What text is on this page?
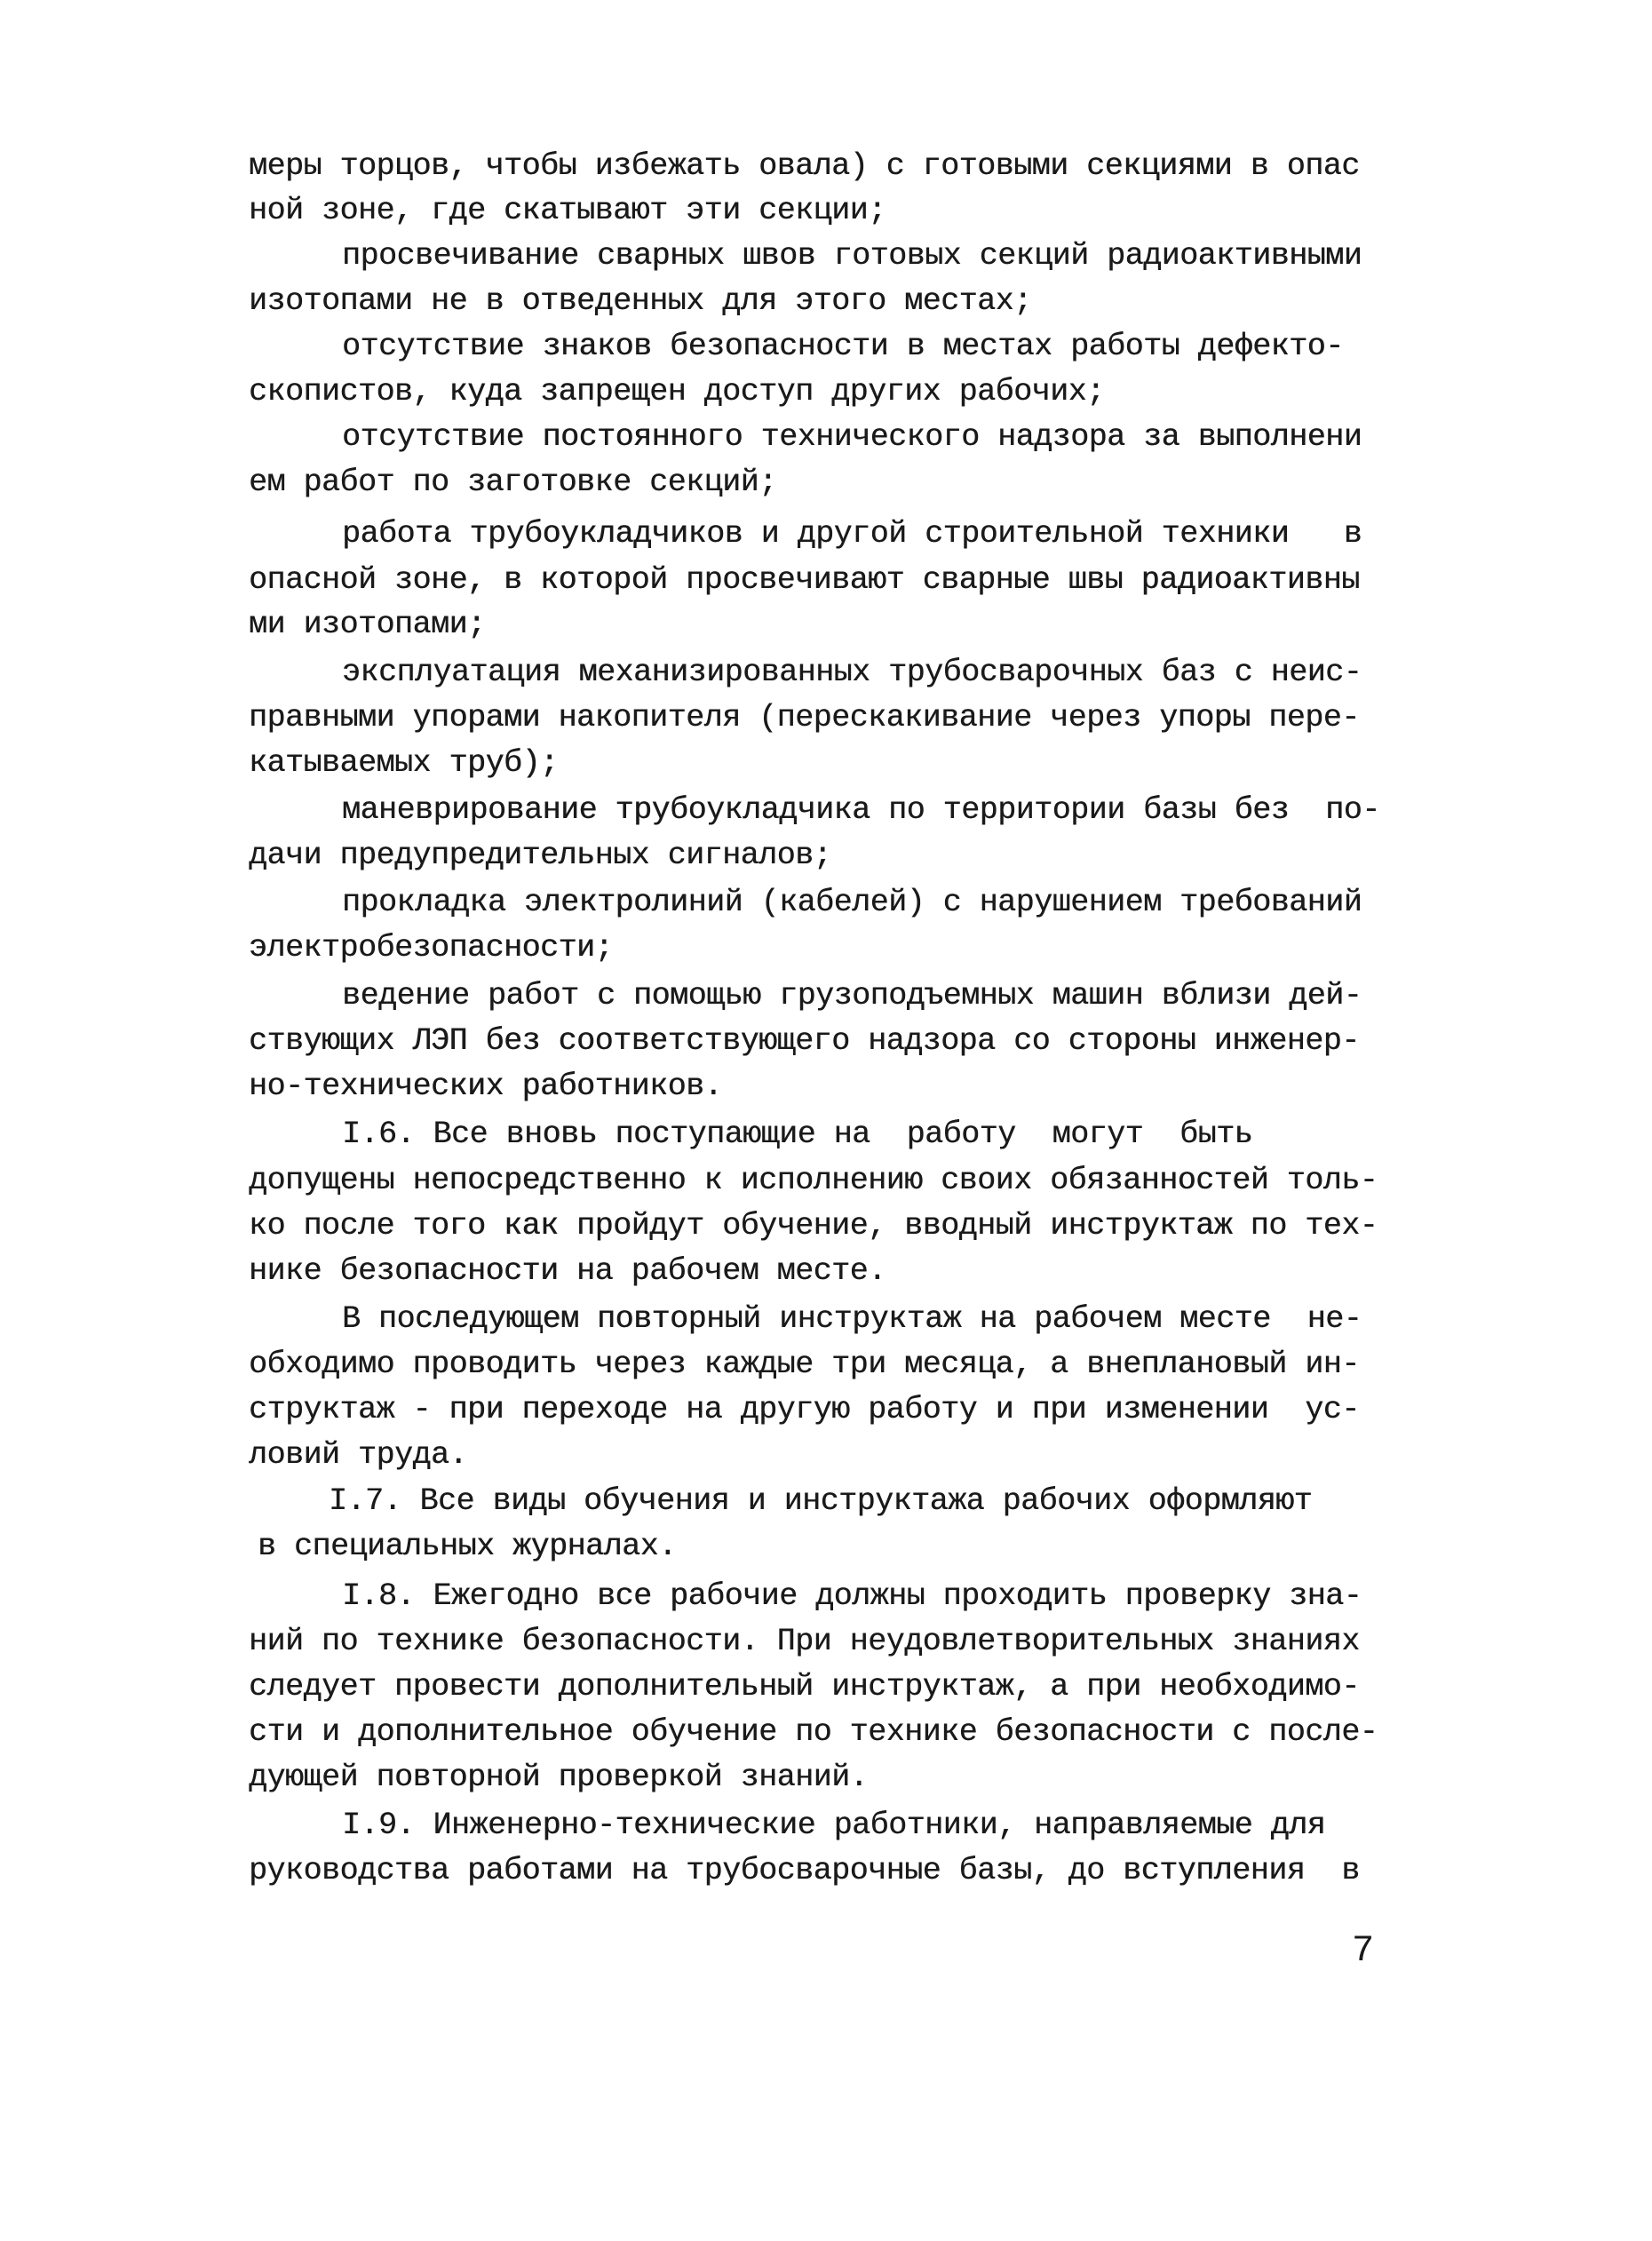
меры торцов, чтобы избежать овала) с готовыми секциями в опас
ной зоне, где скатывают эти секции;
просвечивание сварных швов готовых секций радиоактивными
изотопами не в отведенных для этого местах;
отсутствие знаков безопасности в местах работы дефекто-
скопистов, куда запрещен доступ других рабочих;
отсутствие постоянного технического надзора за выполнени
ем работ по заготовке секций;
работа трубоукладчиков и другой строительной техники   в
опасной зоне, в которой просвечивают сварные швы радиоактивны
ми изотопами;
эксплуатация механизированных трубосварочных баз с неис-
правными упорами накопителя (перескакивание через упоры пере-
катываемых труб);
маневрирование трубоукладчика по территории базы без  по-
дачи предупредительных сигналов;
прокладка электролиний (кабелей) с нарушением требований
электробезопасности;
ведение работ с помощью грузоподъемных машин вблизи дей-
ствующих ЛЭП без соответствующего надзора со стороны инженер-
но-технических работников.
I.6. Все вновь поступающие на  работу  могут  быть
допущены непосредственно к исполнению своих обязанностей толь-
ко после того как пройдут обучение, вводный инструктаж по тех-
нике безопасности на рабочем месте.
В последующем повторный инструктаж на рабочем месте  не-
обходимо проводить через каждые три месяца, а внеплановый ин-
структаж - при переходе на другую работу и при изменении  ус-
ловий труда.
I.7. Все виды обучения и инструктажа рабочих оформляют
в специальных журналах.
I.8. Ежегодно все рабочие должны проходить проверку зна-
ний по технике безопасности. При неудовлетворительных знаниях
следует провести дополнительный инструктаж, а при необходимо-
сти и дополнительное обучение по технике безопасности с после-
дующей повторной проверкой знаний.
I.9. Инженерно-технические работники, направляемые для
руководства работами на трубосварочные базы, до вступления  в
7
